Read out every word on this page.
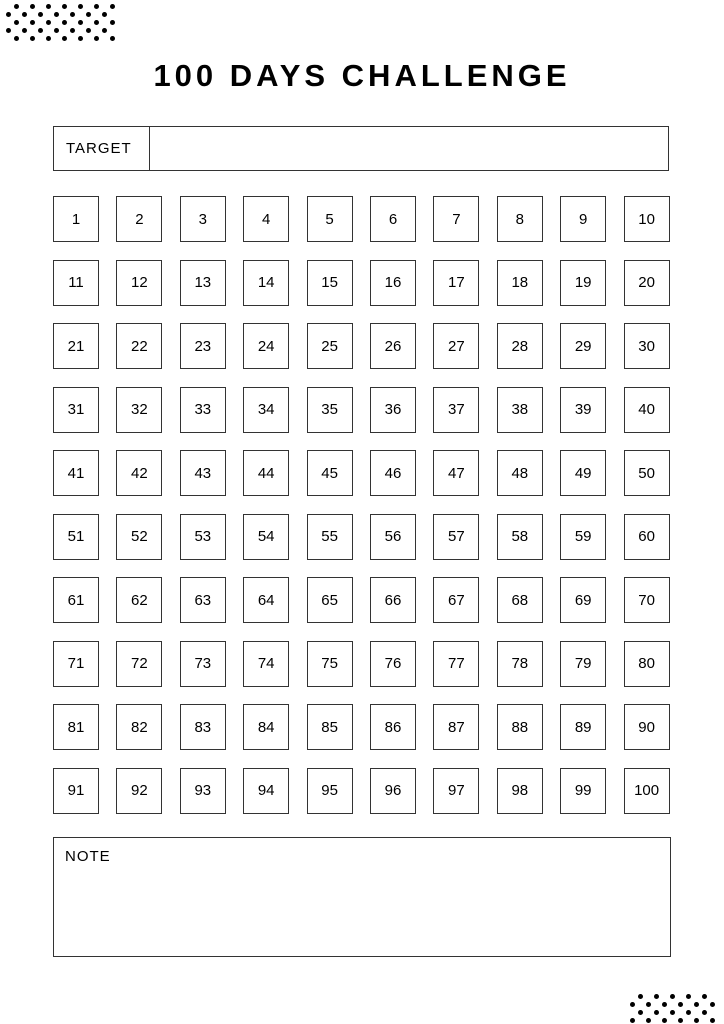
100 DAYS CHALLENGE
TARGET
1	2	3	4	5	6	7	8	9	10
11	12	13	14	15	16	17	18	19	20
21	22	23	24	25	26	27	28	29	30
31	32	33	34	35	36	37	38	39	40
41	42	43	44	45	46	47	48	49	50
51	52	53	54	55	56	57	58	59	60
61	62	63	64	65	66	67	68	69	70
71	72	73	74	75	76	77	78	79	80
81	82	83	84	85	86	87	88	89	90
91	92	93	94	95	96	97	98	99	100
NOTE
